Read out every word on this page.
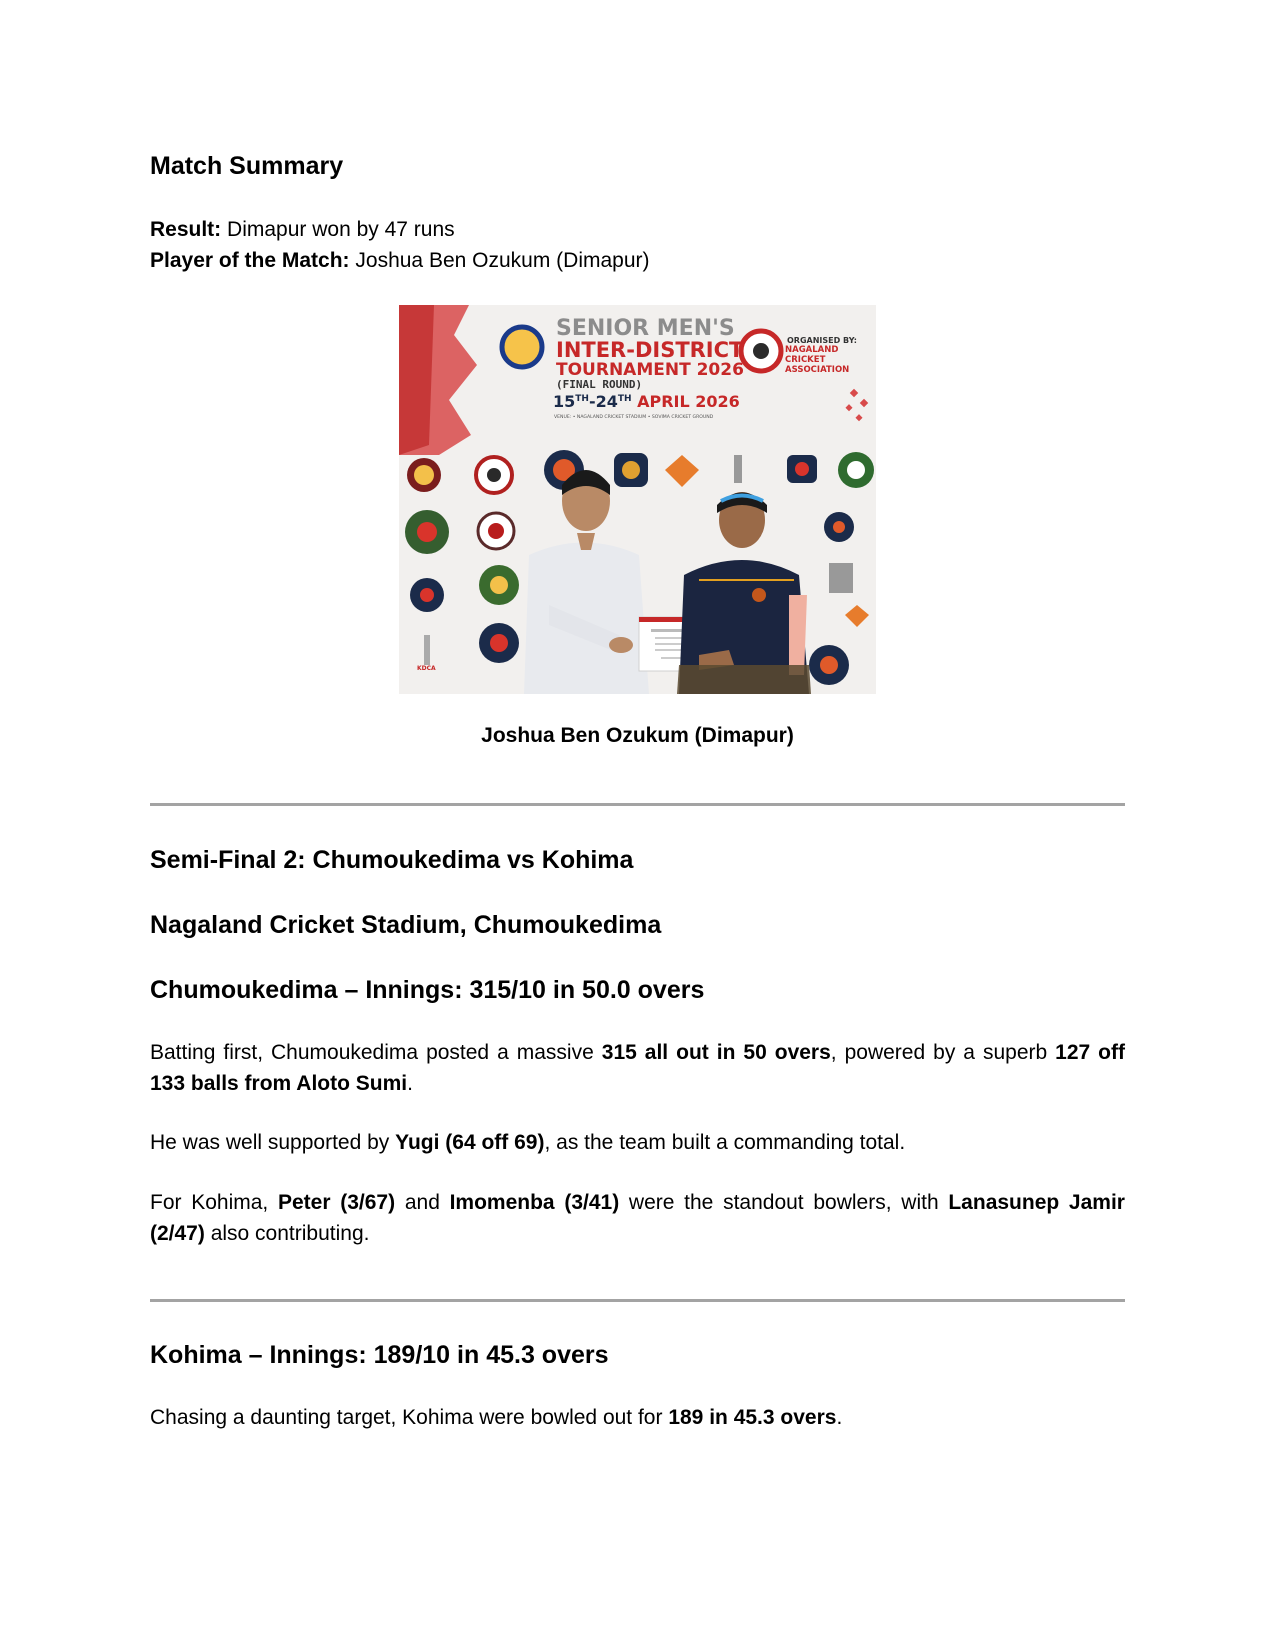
Match Summary

Result: Dimapur won by 47 runs

Player of the Match: Joshua Ben Ozukum (Dimapur)

SENIOR MEN'S
INTER-DISTRICT
TOURNAMENT 2026
(FINAL ROUND)
15TH-24TH APRIL 2026
VENUE: • NAGALAND CRICKET STADIUM • SOVIMA CRICKET GROUND
ORGANISED BY:
NAGALAND CRICKET ASSOCIATION
KDCA
Joshua Ben Ozukum (Dimapur)
Semi-Final 2: Chumoukedima vs Kohima
Nagaland Cricket Stadium, Chumoukedima
Chumoukedima – Innings: 315/10 in 50.0 overs

Batting first, Chumoukedima posted a massive 315 all out in 50 overs, powered by a superb 127 off 133 balls from Aloto Sumi.

He was well supported by Yugi (64 off 69), as the team built a commanding total.

For Kohima, Peter (3/67) and Imomenba (3/41) were the standout bowlers, with Lanasunep Jamir (2/47) also contributing.

Kohima – Innings: 189/10 in 45.3 overs

Chasing a daunting target, Kohima were bowled out for 189 in 45.3 overs.
